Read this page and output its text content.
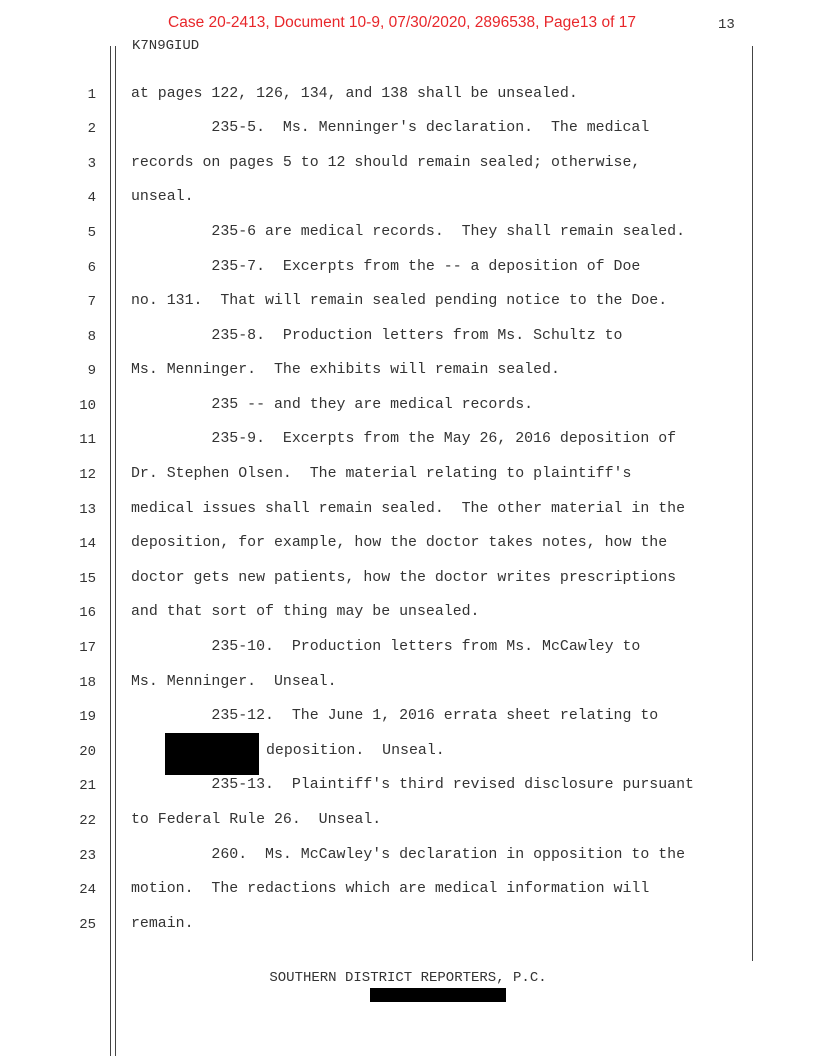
Case 20-2413, Document 10-9, 07/30/2020, 2896538, Page13 of 17	13
K7N9GIUD
1 at pages 122, 126, 134, and 138 shall be unsealed.
2 235-5.  Ms. Menninger's declaration.  The medical
3 records on pages 5 to 12 should remain sealed; otherwise,
4 unseal.
5 235-6 are medical records.  They shall remain sealed.
6 235-7.  Excerpts from the -- a deposition of Doe
7 no. 131.  That will remain sealed pending notice to the Doe.
8 235-8.  Production letters from Ms. Schultz to
9 Ms. Menninger.  The exhibits will remain sealed.
10 235 -- and they are medical records.
11 235-9.  Excerpts from the May 26, 2016 deposition of
12 Dr. Stephen Olsen.  The material relating to plaintiff's
13 medical issues shall remain sealed.  The other material in the
14 deposition, for example, how the doctor takes notes, how the
15 doctor gets new patients, how the doctor writes prescriptions
16 and that sort of thing may be unsealed.
17 235-10.  Production letters from Ms. McCawley to
18 Ms. Menninger.  Unseal.
19 235-12.  The June 1, 2016 errata sheet relating to
20

	deposition.  Unseal.
21 235-13.  Plaintiff's third revised disclosure pursuant
22 to Federal Rule 26.  Unseal.
23 260.  Ms. McCawley's declaration in opposition to the
24 motion.  The redactions which are medical information will
25 remain.
SOUTHERN DISTRICT REPORTERS, P.C.
